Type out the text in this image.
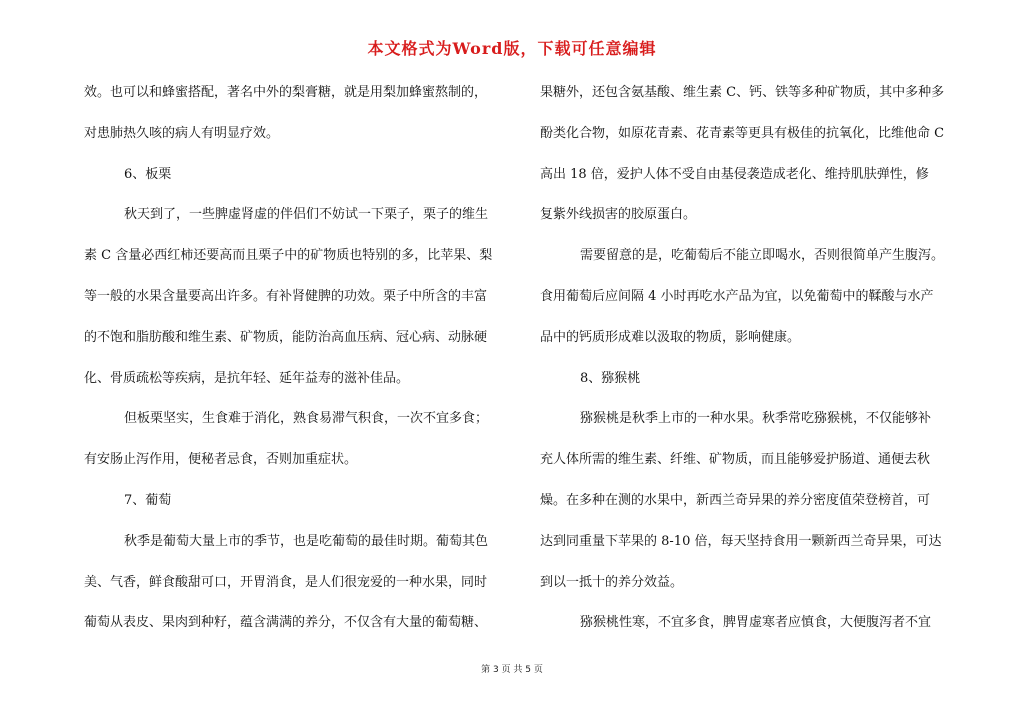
本文格式为Word版，下载可任意编辑
效。也可以和蜂蜜搭配，著名中外的梨膏糖，就是用梨加蜂蜜熬制的，
对患肺热久咳的病人有明显疗效。
6、板栗
秋天到了，一些脾虚肾虚的伴侣们不妨试一下栗子，栗子的维生
素 C 含量必西红柿还要高而且栗子中的矿物质也特别的多，比苹果、梨
等一般的水果含量要高出许多。有补肾健脾的功效。栗子中所含的丰富
的不饱和脂肪酸和维生素、矿物质，能防治高血压病、冠心病、动脉硬
化、骨质疏松等疾病，是抗年轻、延年益寿的滋补佳品。
但板栗坚实，生食难于消化，熟食易滞气积食，一次不宜多食；
有安肠止泻作用，便秘者忌食，否则加重症状。
7、葡萄
秋季是葡萄大量上市的季节，也是吃葡萄的最佳时期。葡萄其色
美、气香，鲜食酸甜可口，开胃消食，是人们很宠爱的一种水果，同时
葡萄从表皮、果肉到种籽，蕴含满满的养分，不仅含有大量的葡萄糖、
果糖外，还包含氨基酸、维生素 C、钙、铁等多种矿物质，其中多种多
酚类化合物，如原花青素、花青素等更具有极佳的抗氧化，比维他命 C
高出 18 倍，爱护人体不受自由基侵袭造成老化、维持肌肤弹性，修
复紫外线损害的胶原蛋白。
需要留意的是，吃葡萄后不能立即喝水，否则很简单产生腹泻。
食用葡萄后应间隔 4 小时再吃水产品为宜，以免葡萄中的鞣酸与水产
品中的钙质形成难以汲取的物质，影响健康。
8、猕猴桃
猕猴桃是秋季上市的一种水果。秋季常吃猕猴桃，不仅能够补
充人体所需的维生素、纤维、矿物质，而且能够爱护肠道、通便去秋
燥。在多种在测的水果中，新西兰奇异果的养分密度值荣登榜首，可
达到同重量下苹果的 8-10 倍，每天坚持食用一颗新西兰奇异果，可达
到以一抵十的养分效益。
猕猴桃性寒，不宜多食，脾胃虚寒者应慎食，大便腹泻者不宜
第 3 页 共 5 页
